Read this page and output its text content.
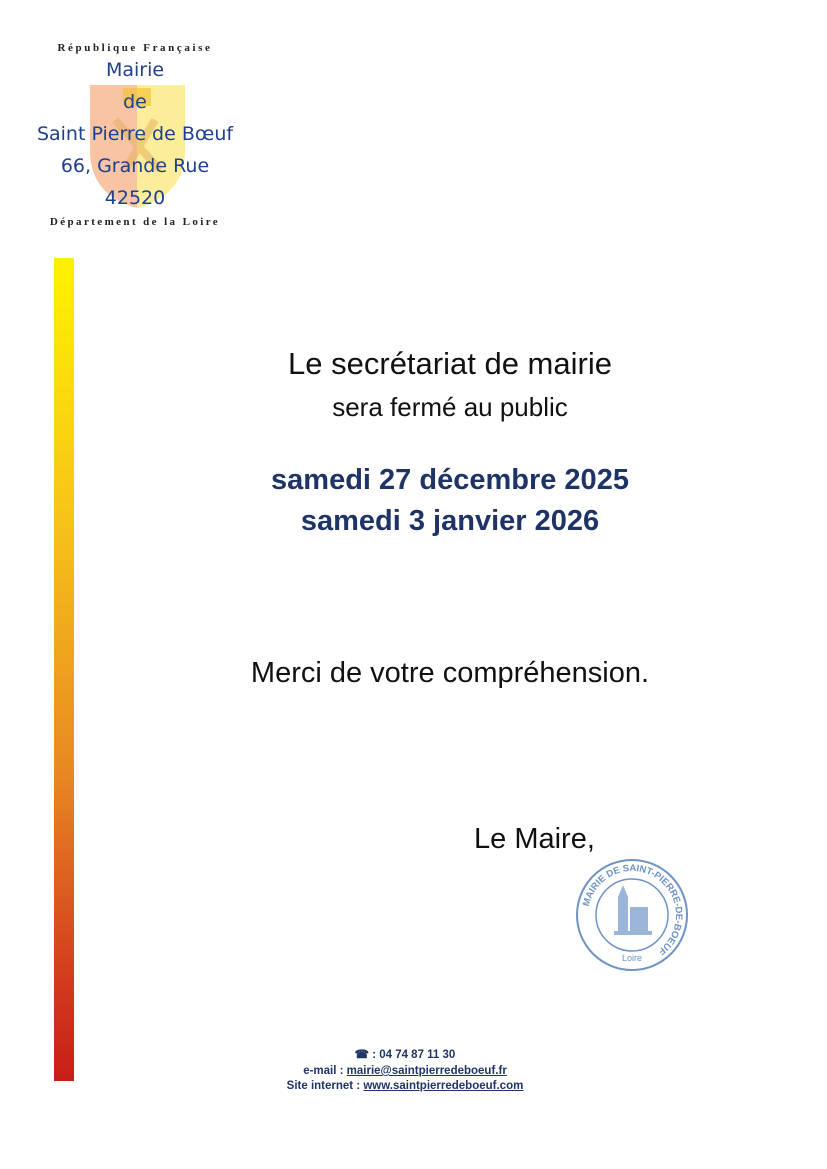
République Française
Mairie
de
Saint Pierre de Bœuf
66, Grande Rue
42520
Département de la Loire
Le secrétariat de mairie
sera fermé au public
samedi 27 décembre 2025
samedi 3 janvier 2026
Merci de votre compréhension.
Le Maire,
MAIRIE DE SAINT-PIERRE-DE-BOEUF
Loire
☎ : 04 74 87 11 30
e-mail : mairie@saintpierredeboeuf.fr
Site internet : www.saintpierredeboeuf.com
